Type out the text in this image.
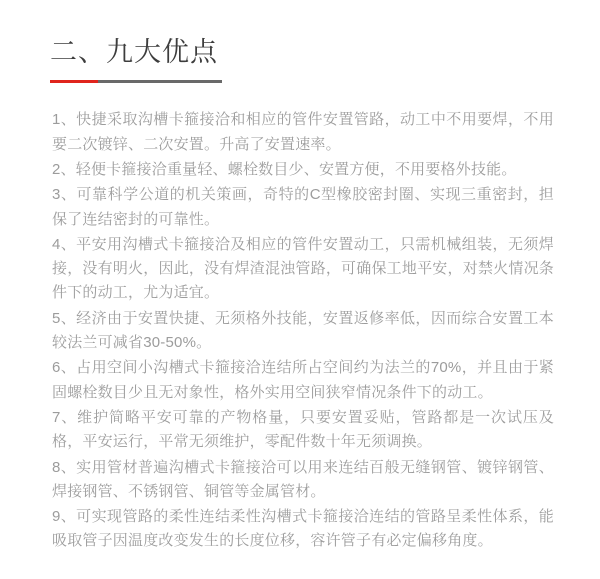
二、九大优点

1、快捷采取沟槽卡箍接洽和相应的管件安置管路，动工中不用要焊，不用要二次镀锌、二次安置。升高了安置速率。

2、轻便卡箍接洽重量轻、螺栓数目少、安置方便，不用要格外技能。

3、可靠科学公道的机关策画，奇特的C型橡胶密封圈、实现三重密封，担保了连结密封的可靠性。

4、平安用沟槽式卡箍接洽及相应的管件安置动工，只需机械组装，无须焊接，没有明火，因此，没有焊渣混浊管路，可确保工地平安，对禁火情况条件下的动工，尤为适宜。

5、经济由于安置快捷、无须格外技能，安置返修率低，因而综合安置工本较法兰可减省30-50%。

6、占用空间小沟槽式卡箍接洽连结所占空间约为法兰的70%，并且由于紧固螺栓数目少且无对象性，格外实用空间狭窄情况条件下的动工。

7、维护简略平安可靠的产物格量，只要安置妥贴，管路都是一次试压及格，平安运行，平常无须维护，零配件数十年无须调换。

8、实用管材普遍沟槽式卡箍接洽可以用来连结百般无缝钢管、镀锌钢管、焊接钢管、不锈钢管、铜管等金属管材。

9、可实现管路的柔性连结柔性沟槽式卡箍接洽连结的管路呈柔性体系，能吸取管子因温度改变发生的长度位移，容许管子有必定偏移角度。
